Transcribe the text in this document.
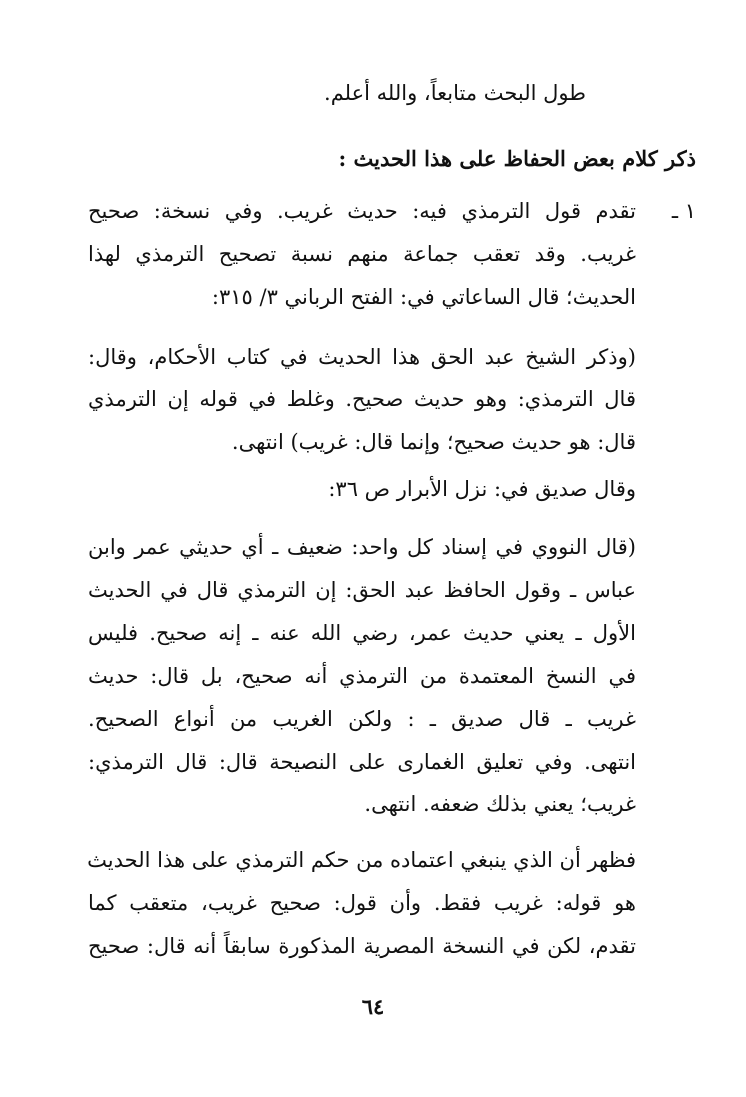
طول البحث متابعاً، والله أعلم.
ذكر كلام بعض الحفاظ على هذا الحديث :
١ ـ
تقدم قول الترمذي فيه: حديث غريب. وفي نسخة: صحيح
غريب. وقد تعقب جماعة منهم نسبة تصحيح الترمذي لهذا
الحديث؛ قال الساعاتي في: الفتح الرباني ٣/ ٣١٥:
(وذكر الشيخ عبد الحق هذا الحديث في كتاب الأحكام، وقال:
قال الترمذي: وهو حديث صحيح. وغلط في قوله إن الترمذي
قال: هو حديث صحيح؛ وإنما قال: غريب) انتهى.
وقال صديق في: نزل الأبرار ص ٣٦:
(قال النووي في إسناد كل واحد: ضعيف ـ أي حديثي عمر وابن
عباس ـ وقول الحافظ عبد الحق: إن الترمذي قال في الحديث
الأول ـ يعني حديث عمر، رضي الله عنه ـ إنه صحيح. فليس
في النسخ المعتمدة من الترمذي أنه صحيح، بل قال: حديث
غريب ـ قال صديق ـ : ولكن الغريب من أنواع الصحيح.
انتهى. وفي تعليق الغمارى على النصيحة قال: قال الترمذي:
غريب؛ يعني بذلك ضعفه. انتهى.
فظهر أن الذي ينبغي اعتماده من حكم الترمذي على هذا الحديث
هو قوله: غريب فقط. وأن قول: صحيح غريب، متعقب كما
تقدم، لكن في النسخة المصرية المذكورة سابقاً أنه قال: صحيح
٦٤
